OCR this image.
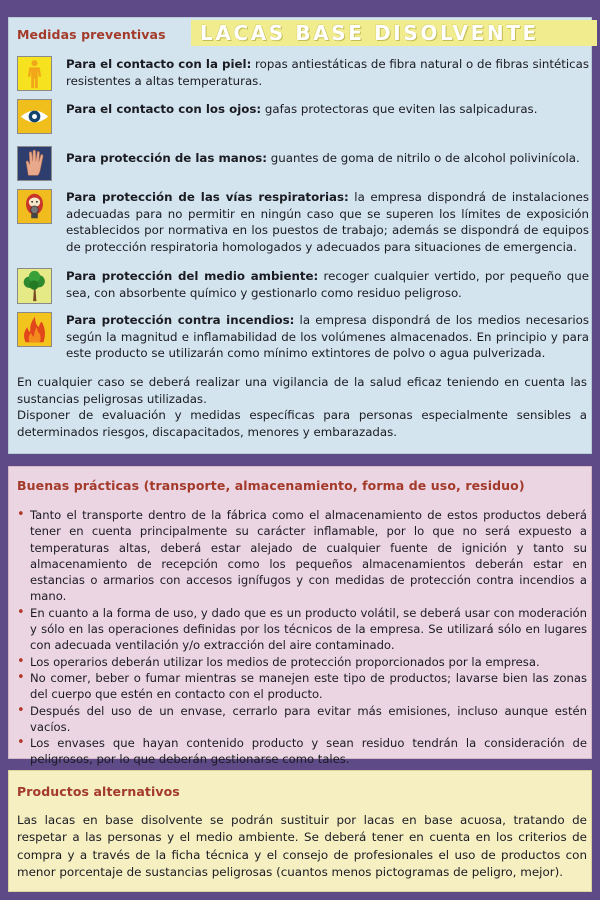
Medidas preventivas	LACAS BASE DISOLVENTE
Para el contacto con la piel: ropas antiestáticas de fibra natural o de fibras sintéticas resistentes a altas temperaturas.
Para el contacto con los ojos: gafas protectoras que eviten las salpicaduras.
Para protección de las manos: guantes de goma de nitrilo o de alcohol polivinícola.
Para protección de las vías respiratorias: la empresa dispondrá de instalaciones adecuadas para no permitir en ningún caso que se superen los límites de exposición establecidos por normativa en los puestos de trabajo; además se dispondrá de equipos de protección respiratoria homologados y adecuados para situaciones de emergencia.
Para protección del medio ambiente: recoger cualquier vertido, por pequeño que sea, con absorbente químico y gestionarlo como residuo peligroso.
Para protección contra incendios: la empresa dispondrá de los medios necesarios según la magnitud e inflamabilidad de los volúmenes almacenados. En principio y para este producto se utilizarán como mínimo extintores de polvo o agua pulverizada.
En cualquier caso se deberá realizar una vigilancia de la salud eficaz teniendo en cuenta las sustancias peligrosas utilizadas.
Disponer de evaluación y medidas específicas para personas especialmente sensibles a determinados riesgos, discapacitados, menores y embarazadas.
Buenas prácticas (transporte, almacenamiento, forma de uso, residuo)
• Tanto el transporte dentro de la fábrica como el almacenamiento de estos productos deberá tener en cuenta principalmente su carácter inflamable, por lo que no será expuesto a temperaturas altas, deberá estar alejado de cualquier fuente de ignición y tanto su almacenamiento de recepción como los pequeños almacenamientos deberán estar en estancias o armarios con accesos ignífugos y con medidas de protección contra incendios a mano.
• En cuanto a la forma de uso, y dado que es un producto volátil, se deberá usar con moderación y sólo en las operaciones definidas por los técnicos de la empresa. Se utilizará sólo en lugares con adecuada ventilación y/o extracción del aire contaminado.
• Los operarios deberán utilizar los medios de protección proporcionados por la empresa.
• No comer, beber o fumar mientras se manejen este tipo de productos; lavarse bien las zonas del cuerpo que estén en contacto con el producto.
• Después del uso de un envase, cerrarlo para evitar más emisiones, incluso aunque estén vacíos.
• Los envases que hayan contenido producto y sean residuo tendrán la consideración de peligrosos, por lo que deberán gestionarse como tales.
Productos alternativos
Las lacas en base disolvente se podrán sustituir por lacas en base acuosa, tratando de respetar a las personas y el medio ambiente. Se deberá tener en cuenta en los criterios de compra y a través de la ficha técnica y el consejo de profesionales el uso de productos con menor porcentaje de sustancias peligrosas (cuantos menos pictogramas de peligro, mejor).
